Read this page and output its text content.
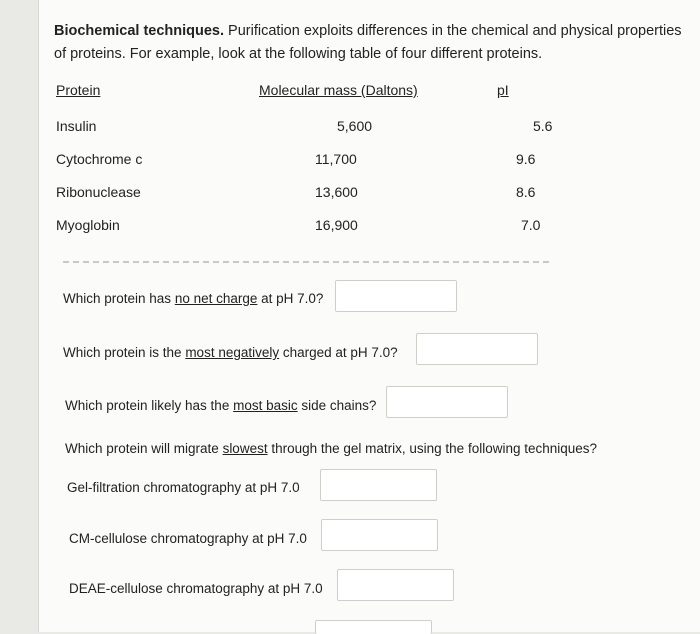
Biochemical techniques. Purification exploits differences in the chemical and physical properties of proteins. For example, look at the following table of four different proteins.
Protein	Molecular mass (Daltons)	pI
Insulin	5,600	5.6
Cytochrome c	11,700	9.6
Ribonuclease	13,600	8.6
Myoglobin	16,900	7.0
Which protein has no net charge at pH 7.0?
Which protein is the most negatively charged at pH 7.0?
Which protein likely has the most basic side chains?
Which protein will migrate slowest through the gel matrix, using the following techniques?
Gel-filtration chromatography at pH 7.0
CM-cellulose chromatography at pH 7.0
DEAE-cellulose chromatography at pH 7.0
